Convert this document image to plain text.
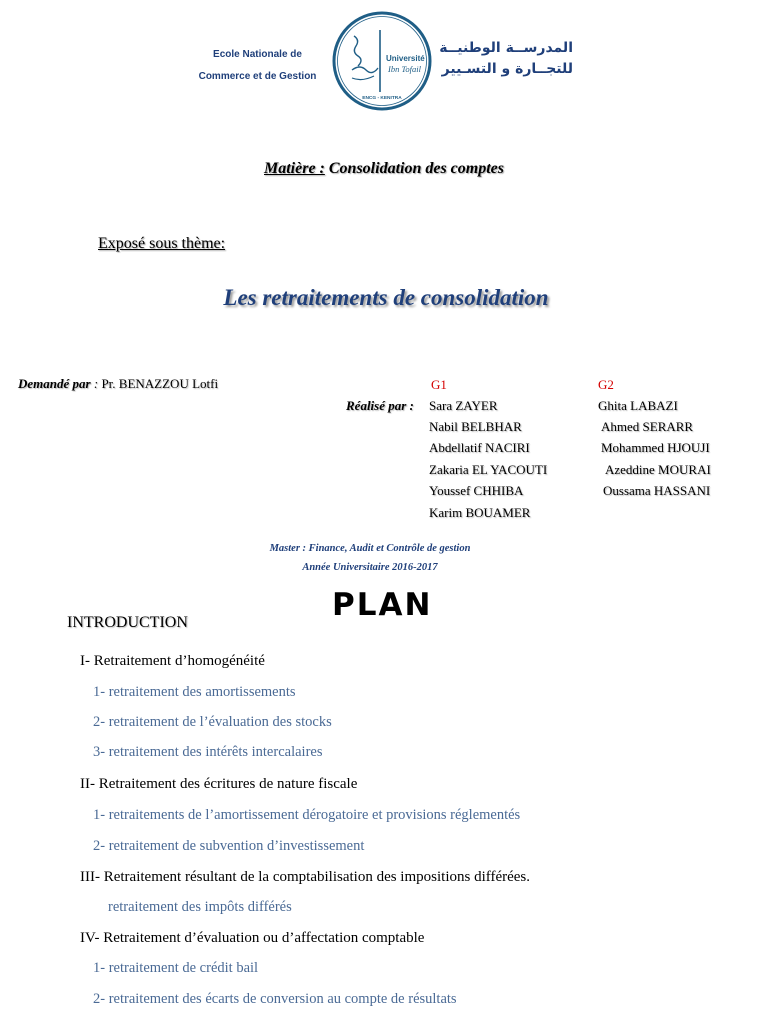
Ecole Nationale de
Commerce et de Gestion
Université
Ibn Tofail
ENCG - KENITRA
المدرســة الوطنيــة
للتجــارة و التسـيير
Matière : Consolidation des comptes
Exposé sous thème:
Les retraitements de consolidation
Demandé par : Pr. BENAZZOU Lotfi	G1	G2
Réalisé par : Sara ZAYER
Nabil BELBHAR
Abdellatif NACIRI
Zakaria EL YACOUTI
Youssef CHHIBA
Karim BOUAMER
Ghita LABAZI
Ahmed SERARR
Mohammed HJOUJI
Azeddine MOURAI
Oussama HASSANI
Master : Finance, Audit et Contrôle de gestion
Année Universitaire 2016-2017
PLAN
INTRODUCTION
I- Retraitement d’homogénéité
1- retraitement des amortissements
2- retraitement de l’évaluation des stocks
3- retraitement des intérêts intercalaires
II- Retraitement des écritures de nature fiscale
1- retraitements de l’amortissement dérogatoire et provisions réglementés
2- retraitement de subvention d’investissement
III- Retraitement résultant de la comptabilisation des impositions différées.
retraitement des impôts différés
IV- Retraitement d’évaluation ou d’affectation comptable
1- retraitement de crédit bail
2- retraitement des écarts de conversion au compte de résultats
